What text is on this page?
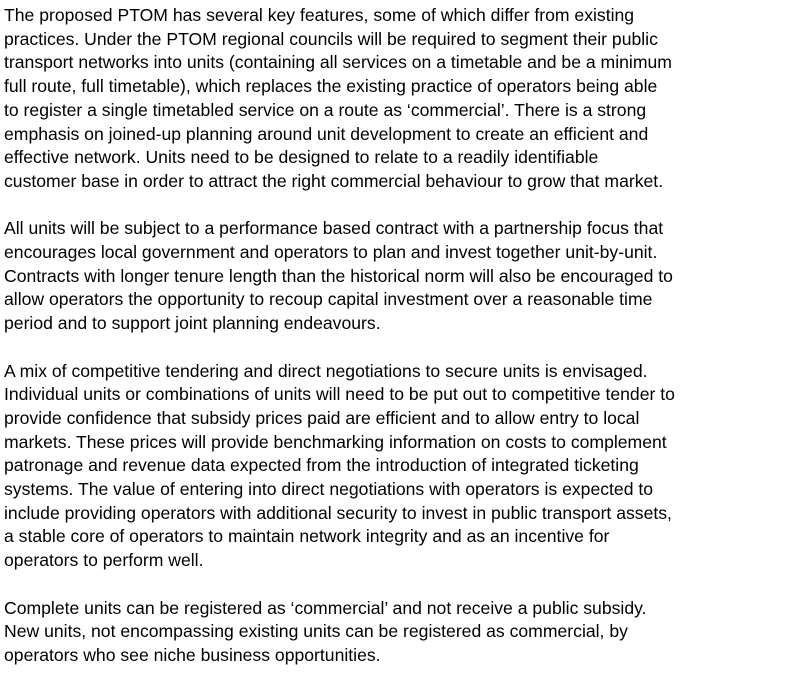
The proposed PTOM has several key features, some of which differ from existing
practices. Under the PTOM regional councils will be required to segment their public
transport networks into units (containing all services on a timetable and be a minimum
full route, full timetable), which replaces the existing practice of operators being able
to register a single timetabled service on a route as ‘commercial’. There is a strong
emphasis on joined-up planning around unit development to create an efficient and
effective network. Units need to be designed to relate to a readily identifiable
customer base in order to attract the right commercial behaviour to grow that market.

All units will be subject to a performance based contract with a partnership focus that
encourages local government and operators to plan and invest together unit-by-unit.
Contracts with longer tenure length than the historical norm will also be encouraged to
allow operators the opportunity to recoup capital investment over a reasonable time
period and to support joint planning endeavours.

A mix of competitive tendering and direct negotiations to secure units is envisaged.
Individual units or combinations of units will need to be put out to competitive tender to
provide confidence that subsidy prices paid are efficient and to allow entry to local
markets. These prices will provide benchmarking information on costs to complement
patronage and revenue data expected from the introduction of integrated ticketing
systems. The value of entering into direct negotiations with operators is expected to
include providing operators with additional security to invest in public transport assets,
a stable core of operators to maintain network integrity and as an incentive for
operators to perform well.

Complete units can be registered as ‘commercial’ and not receive a public subsidy.
New units, not encompassing existing units can be registered as commercial, by
operators who see niche business opportunities.
